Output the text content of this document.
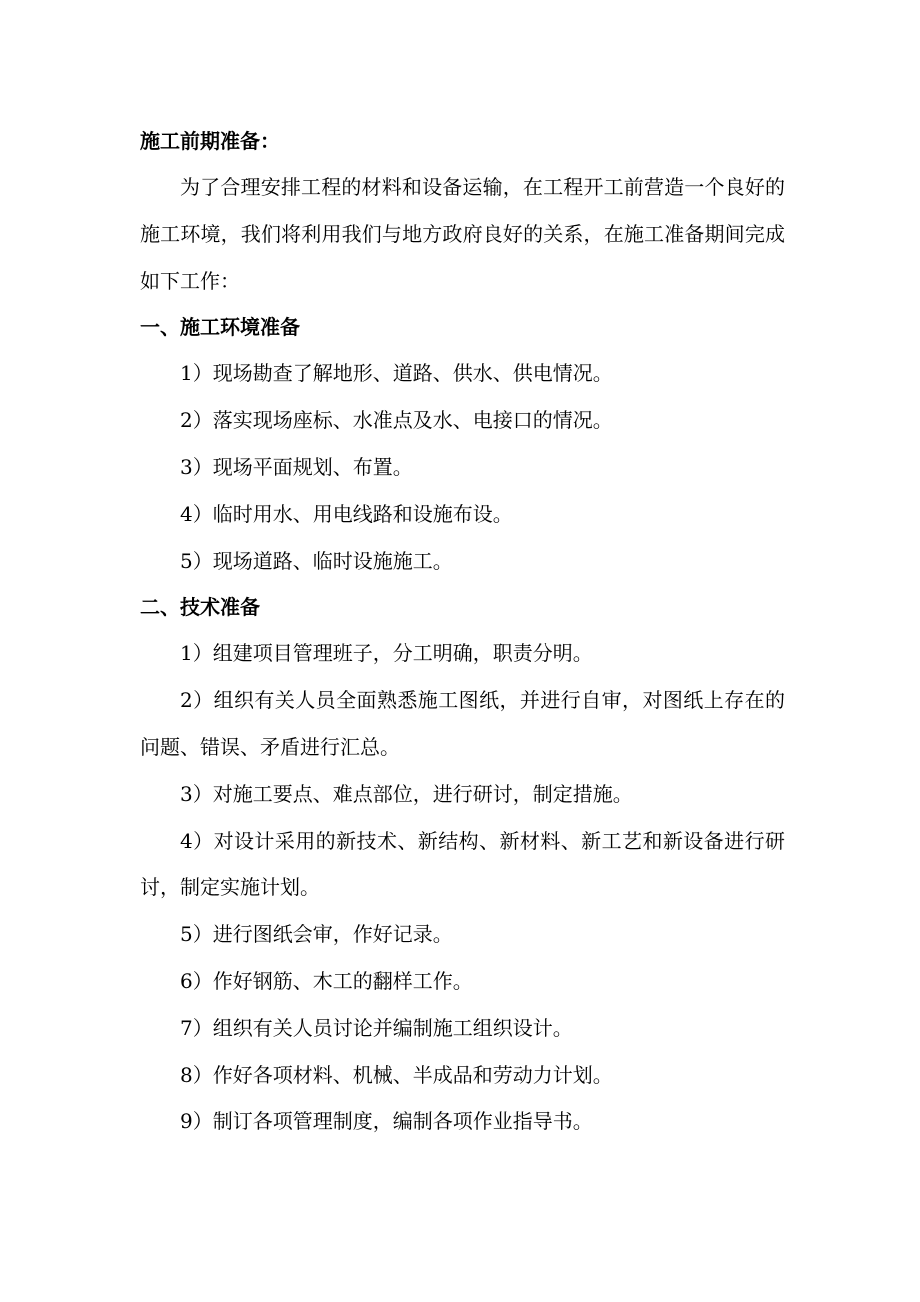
施工前期准备：

为了合理安排工程的材料和设备运输，在工程开工前营造一个良好的施工环境，我们将利用我们与地方政府良好的关系，在施工准备期间完成如下工作：

一、施工环境准备

1）现场勘查了解地形、道路、供水、供电情况。

2）落实现场座标、水准点及水、电接口的情况。

3）现场平面规划、布置。

4）临时用水、用电线路和设施布设。

5）现场道路、临时设施施工。

二、技术准备

1）组建项目管理班子，分工明确，职责分明。

2）组织有关人员全面熟悉施工图纸，并进行自审，对图纸上存在的问题、错误、矛盾进行汇总。

3）对施工要点、难点部位，进行研讨，制定措施。

4）对设计采用的新技术、新结构、新材料、新工艺和新设备进行研讨，制定实施计划。

5）进行图纸会审，作好记录。

6）作好钢筋、木工的翻样工作。

7）组织有关人员讨论并编制施工组织设计。

8）作好各项材料、机械、半成品和劳动力计划。

9）制订各项管理制度，编制各项作业指导书。
